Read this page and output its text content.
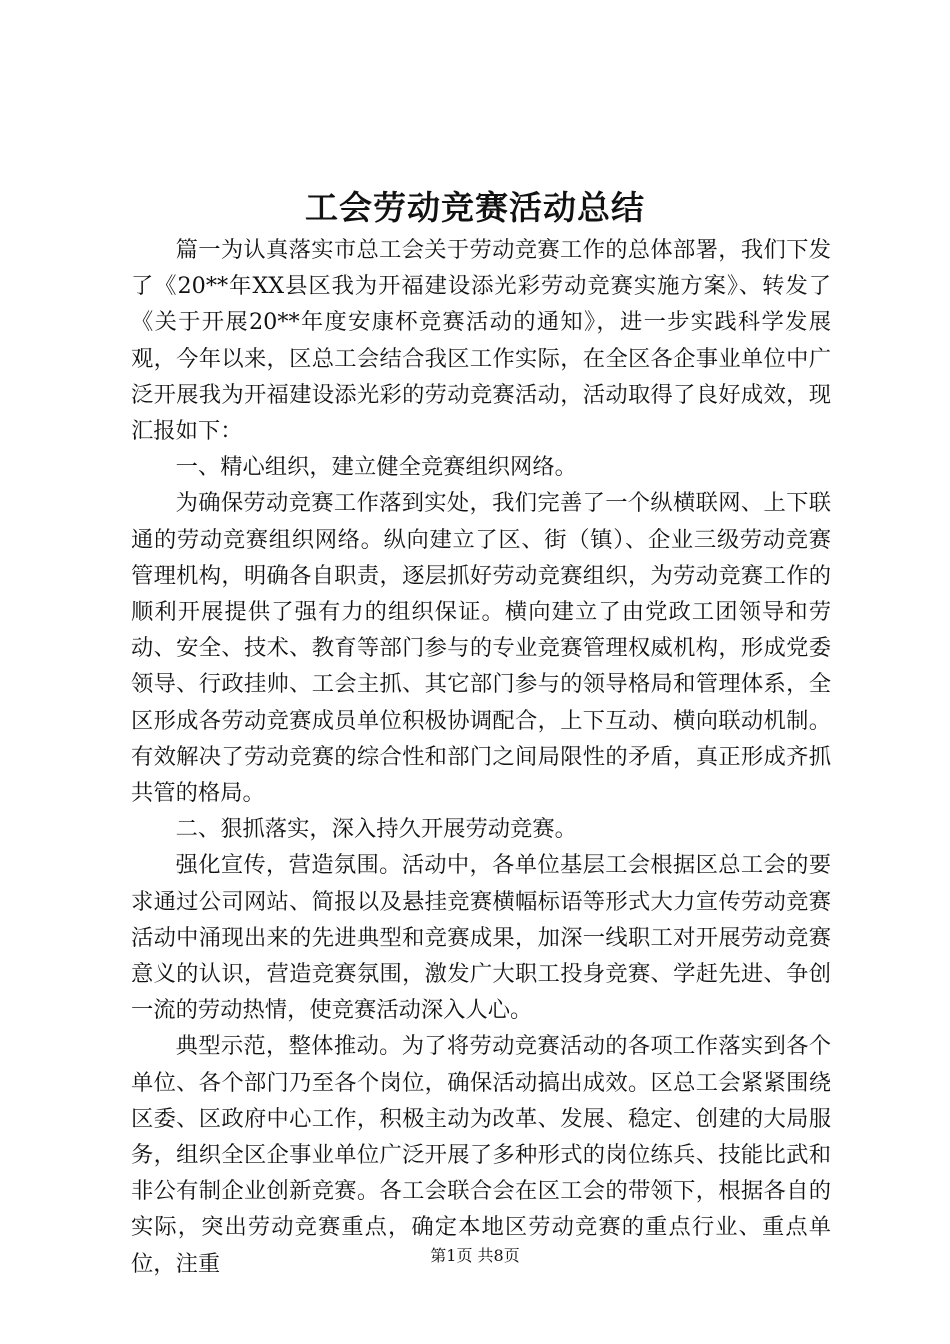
工会劳动竞赛活动总结

篇一为认真落实市总工会关于劳动竞赛工作的总体部署，我们下发了《20**年XX县区我为开福建设添光彩劳动竞赛实施方案》、转发了《关于开展20**年度安康杯竞赛活动的通知》，进一步实践科学发展观，今年以来，区总工会结合我区工作实际，在全区各企事业单位中广泛开展我为开福建设添光彩的劳动竞赛活动，活动取得了良好成效，现汇报如下：

一、精心组织，建立健全竞赛组织网络。

为确保劳动竞赛工作落到实处，我们完善了一个纵横联网、上下联通的劳动竞赛组织网络。纵向建立了区、街（镇）、企业三级劳动竞赛管理机构，明确各自职责，逐层抓好劳动竞赛组织，为劳动竞赛工作的顺利开展提供了强有力的组织保证。横向建立了由党政工团领导和劳动、安全、技术、教育等部门参与的专业竞赛管理权威机构，形成党委领导、行政挂帅、工会主抓、其它部门参与的领导格局和管理体系，全区形成各劳动竞赛成员单位积极协调配合，上下互动、横向联动机制。有效解决了劳动竞赛的综合性和部门之间局限性的矛盾，真正形成齐抓共管的格局。

二、狠抓落实，深入持久开展劳动竞赛。

强化宣传，营造氛围。活动中，各单位基层工会根据区总工会的要求通过公司网站、简报以及悬挂竞赛横幅标语等形式大力宣传劳动竞赛活动中涌现出来的先进典型和竞赛成果，加深一线职工对开展劳动竞赛意义的认识，营造竞赛氛围，激发广大职工投身竞赛、学赶先进、争创一流的劳动热情，使竞赛活动深入人心。

典型示范，整体推动。为了将劳动竞赛活动的各项工作落实到各个单位、各个部门乃至各个岗位，确保活动搞出成效。区总工会紧紧围绕区委、区政府中心工作，积极主动为改革、发展、稳定、创建的大局服务，组织全区企事业单位广泛开展了多种形式的岗位练兵、技能比武和非公有制企业创新竞赛。各工会联合会在区工会的带领下，根据各自的实际，突出劳动竞赛重点，确定本地区劳动竞赛的重点行业、重点单位，注重	第1页 共8页
